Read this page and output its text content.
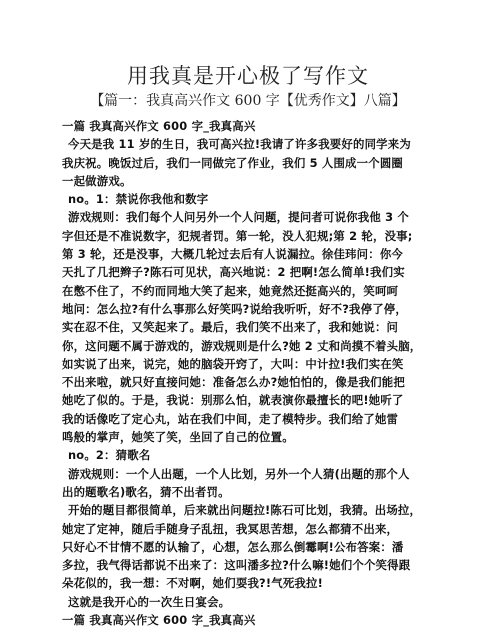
用我真是开心极了写作文

【篇一：我真高兴作文 600 字【优秀作文】八篇】

一篇 我真高兴作文 600 字_我真高兴
今天是我 11 岁的生日，我可高兴拉!我请了许多我要好的同学来为
我庆祝。晚饭过后，我们一同做完了作业，我们 5 人围成一个圆圈
一起做游戏。
no。1：禁说你我他和数字
游戏规则：我们每个人问另外一个人问题，提问者可说你我他 3 个
字但还是不准说数字，犯规者罚。第一轮，没人犯规;第 2 轮，没事;
第 3 轮，还是没事，大概几轮过去后有人说漏拉。徐佳玮问：你今
天扎了几把辫子?陈石可见状，高兴地说：2 把啊!怎么简单!我们实
在憋不住了，不约而同地大笑了起来，她竟然还挺高兴的，笑呵呵
地问：怎么拉?有什么事那么好笑吗?说给我听听，好不?我停了停，
实在忍不住，又笑起来了。最后，我们笑不出来了，我和她说：问
你，这问题不属于游戏的，游戏规则是什么?她 2 丈和尚摸不着头脑，
如实说了出来，说完，她的脑袋开窍了，大叫：中计拉!我们实在笑
不出来啦，就只好直接问她：准备怎么办?她怕怕的，像是我们能把
她吃了似的。于是，我说：别那么怕，就表演你最擅长的吧!她听了
我的话像吃了定心丸，站在我们中间，走了模特步。我们给了她雷
鸣般的掌声，她笑了笑，坐回了自己的位置。
no。2：猜歌名
游戏规则：一个人出题，一个人比划，另外一个人猜(出题的那个人
出的题歌名)歌名，猜不出者罚。
开始的题目都很简单，后来就出问题拉!陈石可比划，我猜。出场拉，
她定了定神，随后手随身子乱扭，我冥思苦想，怎么都猜不出来，
只好心不甘情不愿的认输了，心想，怎么那么倒霉啊!公布答案：潘
多拉，我气得话都说不出来了：这叫潘多拉?什么嘛!她们个个笑得跟
朵花似的，我一想：不对啊，她们耍我?!气死我拉!
这就是我开心的一次生日宴会。
一篇 我真高兴作文 600 字_我真高兴
